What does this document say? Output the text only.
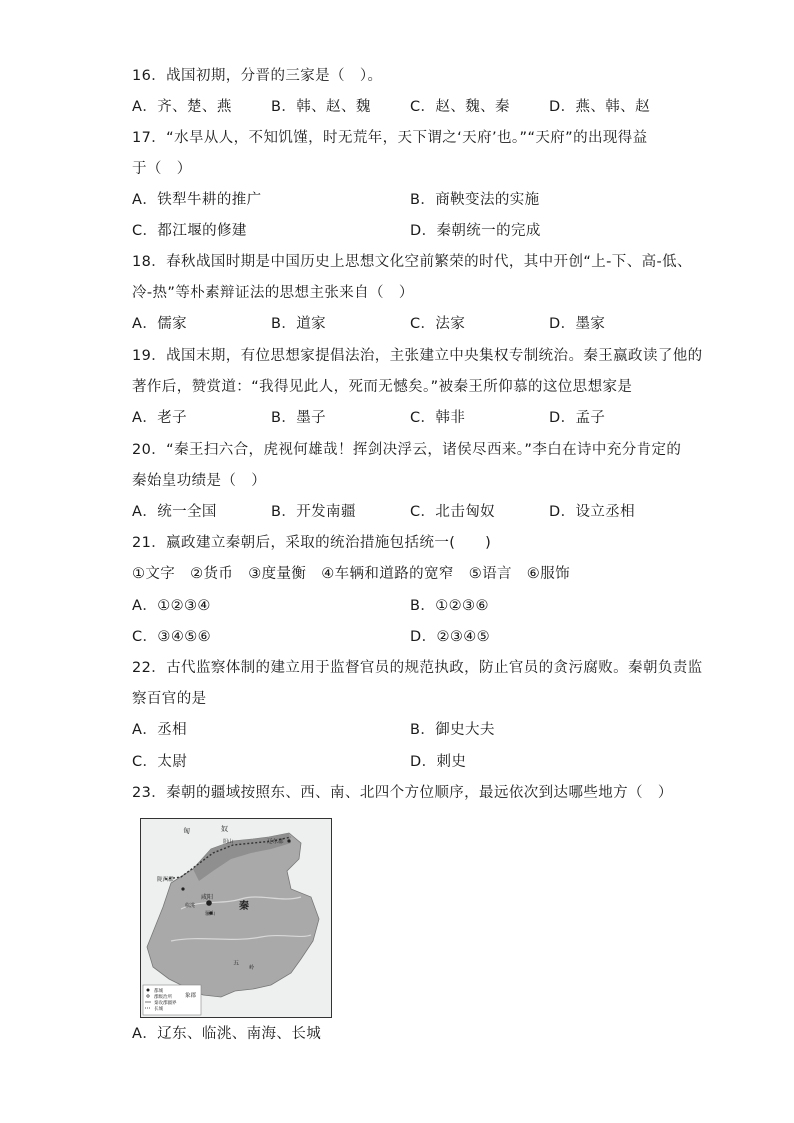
16．战国初期，分晋的三家是（　）。
A．齐、楚、燕	B．韩、赵、魏	C．赵、魏、秦	D．燕、韩、赵
17．“水旱从人，不知饥馑，时无荒年，天下谓之‘天府’也。”“天府”的出现得益
于（　）
A．铁犁牛耕的推广	B．商鞅变法的实施
C．都江堰的修建	D．秦朝统一的完成
18．春秋战国时期是中国历史上思想文化空前繁荣的时代，其中开创“上-下、高-低、
冷-热”等朴素辩证法的思想主张来自（　）
A．儒家	B．道家	C．法家	D．墨家
19．战国末期，有位思想家提倡法治，主张建立中央集权专制统治。秦王嬴政读了他的
著作后，赞赏道：“我得见此人，死而无憾矣。”被秦王所仰慕的这位思想家是
A．老子	B．墨子	C．韩非	D．孟子
20．“秦王扫六合，虎视何雄哉！挥剑决浮云，诸侯尽西来。”李白在诗中充分肯定的
秦始皇功绩是（　）
A．统一全国	B．开发南疆	C．北击匈奴	D．设立丞相
21．嬴政建立秦朝后，采取的统治措施包括统一(　　)
①文字　②货币　③度量衡　④车辆和道路的宽窄　⑤语言　⑥服饰
A．①②③④	B．①②③⑥
C．③④⑤⑥	D．②③④⑤
22．古代监察体制的建立用于监督官员的规范执政，防止官员的贪污腐败。秦朝负责监
察百官的是
A．丞相	B．御史大夫
C．太尉	D．刺史
23．秦朝的疆域按照东、西、南、北四个方位顺序，最远依次到达哪些地方（　）
都城
郡级治所
秦攻郡疆界
长城
匈	奴
阴山	辽东郡
陇西郡
咸阳
临洮
骊山
秦
五
岭
象郡
A．辽东、临洮、南海、长城
